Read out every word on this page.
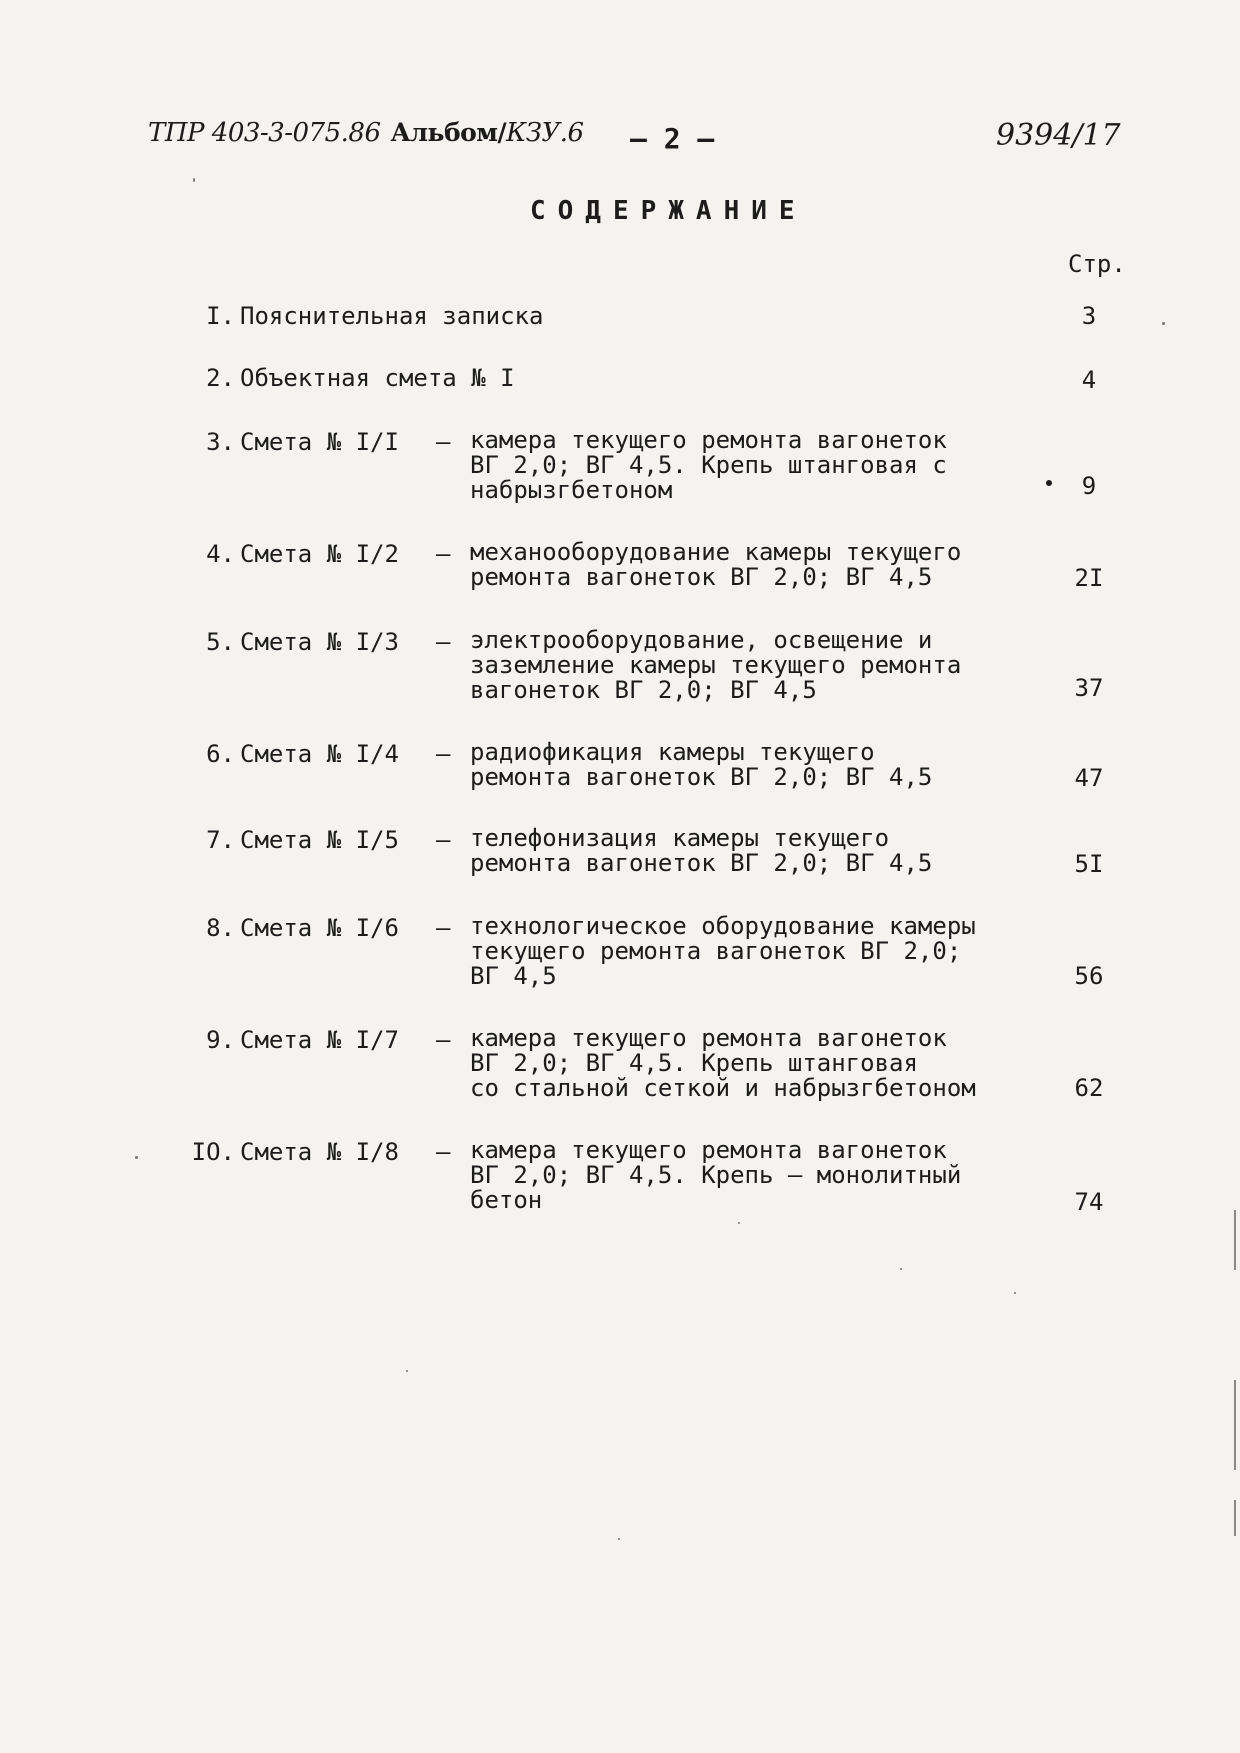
ТПР 403-3-075.86 Альбом/КЗУ.6 – 2 –	9394/17
СОДЕРЖАНИЕ
Стр.
I. Пояснительная записка	3
2. Объектная смета № I	4
3. Смета № I/I – камера текущего ремонта вагонеток
ВГ 2,0; ВГ 4,5. Крепь штанговая с
набрызгбетоном	9
4. Смета № I/2 – механооборудование камеры текущего
ремонта вагонеток ВГ 2,0; ВГ 4,5	2I
5. Смета № I/3 – электрооборудование, освещение и
заземление камеры текущего ремонта
вагонеток ВГ 2,0; ВГ 4,5	37
6. Смета № I/4 – радиофикация камеры текущего
ремонта вагонеток ВГ 2,0; ВГ 4,5	47
7. Смета № I/5 – телефонизация камеры текущего
ремонта вагонеток ВГ 2,0; ВГ 4,5	5I
8. Смета № I/6 – технологическое оборудование камеры
текущего ремонта вагонеток ВГ 2,0;
ВГ 4,5	56
9. Смета № I/7 – камера текущего ремонта вагонеток
ВГ 2,0; ВГ 4,5. Крепь штанговая
со стальной сеткой и набрызгбетоном	62
IO. Смета № I/8 – камера текущего ремонта вагонеток
ВГ 2,0; ВГ 4,5. Крепь – монолитный
бетон	74
